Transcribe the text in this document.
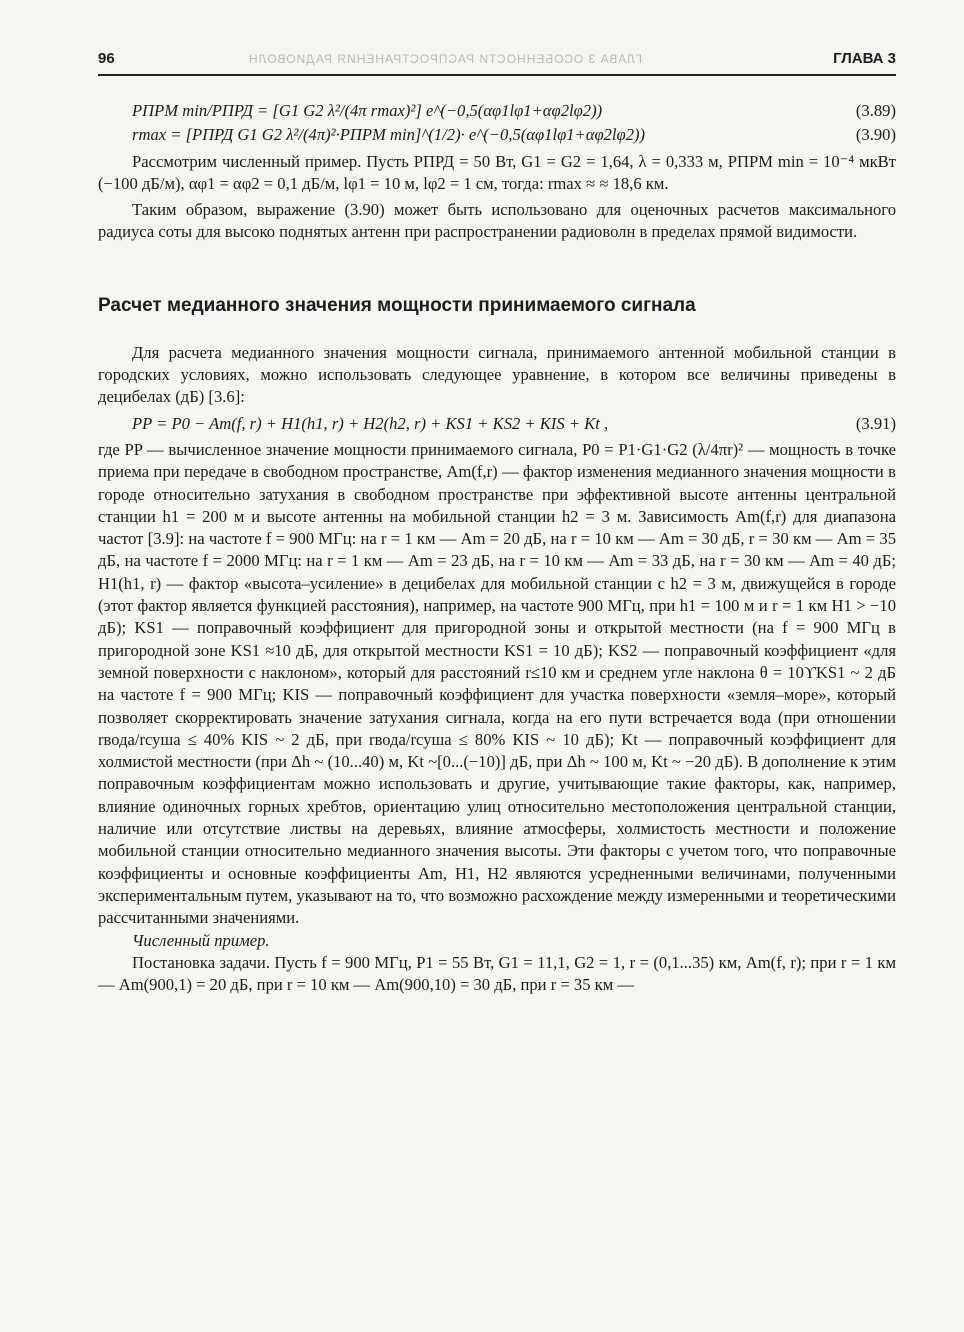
96	ГЛАВА 3 ОСОБЕННОСТИ РАСПРОСТРАНЕНИЯ РАДИОВОЛН	ГЛАВА 3
PПРM min/PПРД = [G1 G2 λ²/(4π rmax)²] e^(−0,5(αφ1lφ1+αφ2lφ2))	(3.89)
rmax = [PПРД G1 G2 λ²/(4π)²·PПРM min]^(1/2)· e^(−0,5(αφ1lφ1+αφ2lφ2))	(3.90)

Рассмотрим численный пример. Пусть PПРД = 50 Вт, G1 = G2 = 1,64, λ = 0,333 м, PПРM min = 10⁻⁴ мкВт (−100 дБ/м), αφ1 = αφ2 = 0,1 дБ/м, lφ1 = 10 м, lφ2 = 1 см, тогда: rmax ≈ ≈ 18,6 км.

Таким образом, выражение (3.90) может быть использовано для оценочных расчетов максимального радиуса соты для высоко поднятых антенн при распространении радиоволн в пределах прямой видимости.

Расчет медианного значения мощности принимаемого сигнала

Для расчета медианного значения мощности сигнала, принимаемого антенной мобильной станции в городских условиях, можно использовать следующее уравнение, в котором все величины приведены в децибелах (дБ) [3.6]:

PP = P0 − Am(f, r) + H1(h1, r) + H2(h2, r) + KS1 + KS2 + KIS + Kt ,	(3.91)

где PP — вычисленное значение мощности принимаемого сигнала, P0 = P1·G1·G2 (λ/4πr)² — мощность в точке приема при передаче в свободном пространстве, Am(f,r) — фактор изменения медианного значения мощности в городе относительно затухания в свободном пространстве при эффективной высоте антенны центральной станции h1 = 200 м и высоте антенны на мобильной станции h2 = 3 м. Зависимость Am(f,r) для диапазона частот [3.9]: на частоте f = 900 МГц: на r = 1 км — Am = 20 дБ, на r = 10 км — Am = 30 дБ, r = 30 км — Am = 35 дБ, на частоте f = 2000 МГц: на r = 1 км — Am = 23 дБ, на r = 10 км — Am = 33 дБ, на r = 30 км — Am = 40 дБ; H1(h1, r) — фактор «высота–усиление» в децибелах для мобильной станции с h2 = 3 м, движущейся в городе (этот фактор является функцией расстояния), например, на частоте 900 МГц, при h1 = 100 м и r = 1 км H1 > −10 дБ); KS1 — поправочный коэффициент для пригородной зоны и открытой местности (на f = 900 МГц в пригородной зоне KS1 ≈10 дБ, для открытой местности KS1 = 10 дБ); KS2 — поправочный коэффициент «для земной поверхности с наклоном», который для расстояний r≤10 км и среднем угле наклона θ = 10ϒKS1 ~ 2 дБ на частоте f = 900 МГц; KIS — поправочный коэффициент для участка поверхности «земля–море», который позволяет скорректировать значение затухания сигнала, когда на его пути встречается вода (при отношении rвода/rсуша ≤ 40% KIS ~ 2 дБ, при rвода/rсуша ≤ 80% KIS ~ 10 дБ); Kt — поправочный коэффициент для холмистой местности (при Δh ~ (10...40) м, Kt ~[0...(−10)] дБ, при Δh ~ 100 м, Kt ~ −20 дБ). В дополнение к этим поправочным коэффициентам можно использовать и другие, учитывающие такие факторы, как, например, влияние одиночных горных хребтов, ориентацию улиц относительно местоположения центральной станции, наличие или отсутствие листвы на деревьях, влияние атмосферы, холмистость местности и положение мобильной станции относительно медианного значения высоты. Эти факторы с учетом того, что поправочные коэффициенты и основные коэффициенты Am, H1, H2 являются усредненными величинами, полученными экспериментальным путем, указывают на то, что возможно расхождение между измеренными и теоретическими рассчитанными значениями.

Численный пример.

Постановка задачи. Пусть f = 900 МГц, P1 = 55 Вт, G1 = 11,1, G2 = 1, r = (0,1...35) км, Am(f, r); при r = 1 км — Am(900,1) = 20 дБ, при r = 10 км — Am(900,10) = 30 дБ, при r = 35 км —
